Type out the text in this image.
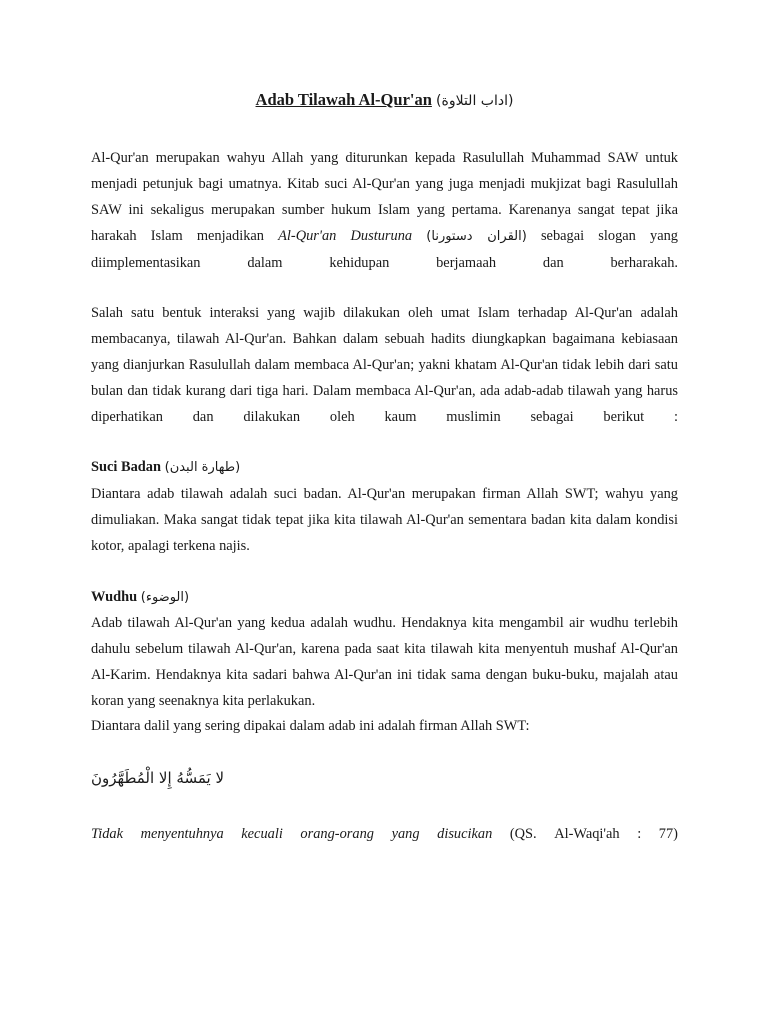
Adab Tilawah Al-Qur'an (اداب التلاوة)

Al-Qur'an merupakan wahyu Allah yang diturunkan kepada Rasulullah Muhammad SAW untuk menjadi petunjuk bagi umatnya. Kitab suci Al-Qur'an yang juga menjadi mukjizat bagi Rasulullah SAW ini sekaligus merupakan sumber hukum Islam yang pertama. Karenanya sangat tepat jika harakah Islam menjadikan Al-Qur'an Dusturuna (القران دستورنا) sebagai slogan yang diimplementasikan dalam kehidupan berjamaah dan berharakah.

Salah satu bentuk interaksi yang wajib dilakukan oleh umat Islam terhadap Al-Qur'an adalah membacanya, tilawah Al-Qur'an. Bahkan dalam sebuah hadits diungkapkan bagaimana kebiasaan yang dianjurkan Rasulullah dalam membaca Al-Qur'an; yakni khatam Al-Qur'an tidak lebih dari satu bulan dan tidak kurang dari tiga hari. Dalam membaca Al-Qur'an, ada adab-adab tilawah yang harus diperhatikan dan dilakukan oleh kaum muslimin sebagai berikut :

Suci Badan (طهارة البدن)

Diantara adab tilawah adalah suci badan. Al-Qur'an merupakan firman Allah SWT; wahyu yang dimuliakan. Maka sangat tidak tepat jika kita tilawah Al-Qur'an sementara badan kita dalam kondisi kotor, apalagi terkena najis.

Wudhu (الوضوء)

Adab tilawah Al-Qur'an yang kedua adalah wudhu. Hendaknya kita mengambil air wudhu terlebih dahulu sebelum tilawah Al-Qur'an, karena pada saat kita tilawah kita menyentuh mushaf Al-Qur'an Al-Karim. Hendaknya kita sadari bahwa Al-Qur'an ini tidak sama dengan buku-buku, majalah atau koran yang seenaknya kita perlakukan.

Diantara dalil yang sering dipakai dalam adab ini adalah firman Allah SWT:
لا يَمَسُّهُ إِلا الْمُطَهَّرُونَ
Tidak menyentuhnya kecuali orang-orang yang disucikan (QS. Al-Waqi'ah : 77)
